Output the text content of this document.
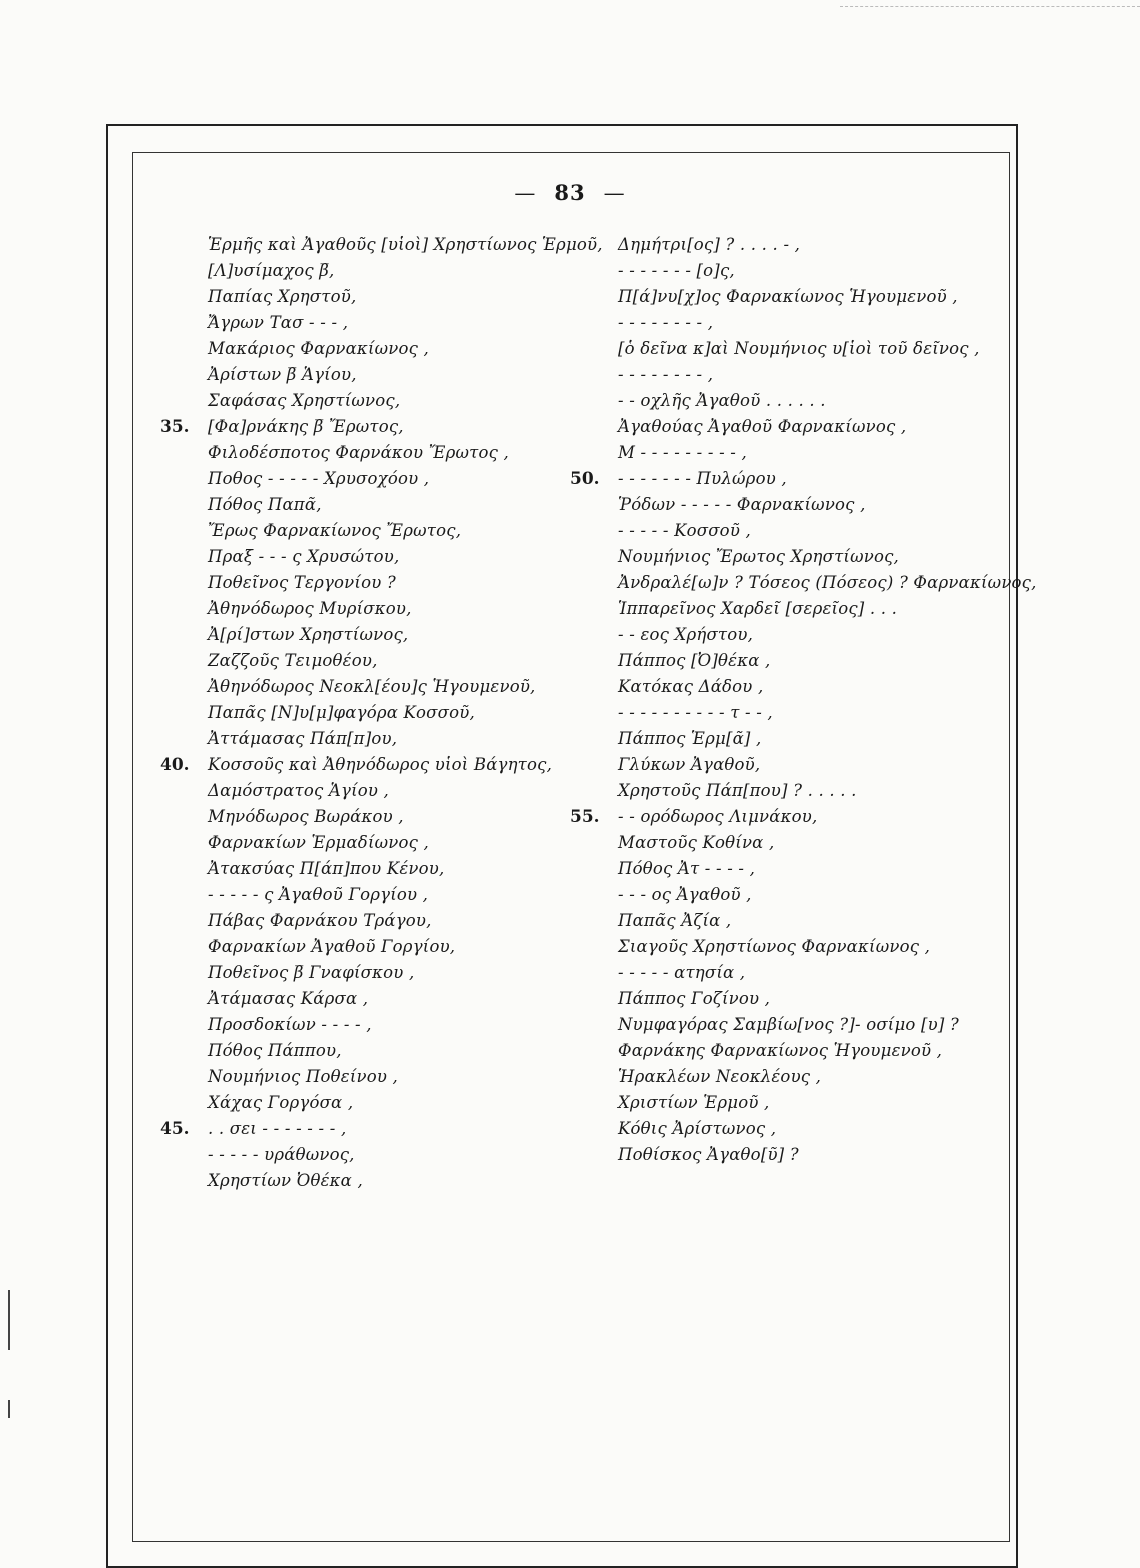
— 83 —
Ἑρμῆς καὶ Ἀγαθοῦς [υἱοὶ] Χρηστίωνος Ἑρμοῦ,
[Λ]υσίμαχος β̅,
Παπίας Χρηστοῦ,
Ἄγρων Τασ - - - ,
Μακάριος Φαρνακίωνος ,
Ἀρίστων β̅ Ἁγίου,
Σαφάσας Χρηστίωνος,
35. [Φα]ρνάκης β̅ Ἔρωτος,
Φιλοδέσποτος Φαρνάκου Ἔρωτος ,
Ποθος - - - - - Χρυσοχόου ,
Πόθος Παπᾶ,
Ἔρως Φαρνακίωνος Ἔρωτος,
Πραξ - - - ς Χρυσώτου,
Ποθεῖνος Τεργονίου ?
Ἀθηνόδωρος Μυρίσκου,
Ἀ[ρί]στων Χρηστίωνος,
Ζαζζοῦς Τειμοθέου,
Ἀθηνόδωρος Νεοκλ[έου]ς Ἡγουμενοῦ,
Παπᾶς [Ν]υ[μ]φαγόρα Κοσσοῦ,
Ἀττάμασας Πάπ[π]ου,
40. Κοσσοῦς καὶ Ἀθηνόδωρος υἱοὶ Βάγητος,
Δαμόστρατος Ἁγίου ,
Μηνόδωρος Βωράκου ,
Φαρνακίων Ἑρμαδίωνος ,
Ἀτακσύας Π[άπ]που Κένου,
- - - - - ς Ἀγαθοῦ Γοργίου ,
Πάβας Φαρνάκου Τράγου,
Φαρνακίων Ἀγαθοῦ Γοργίου,
Ποθεῖνος β̅ Γναφίσκου ,
Ἀτάμασας Κάρσα ,
Προσδοκίων - - - - ,
Πόθος Πάππου,
Νουμήνιος Ποθείνου ,
Χάχας Γοργόσα ,
45. . . σει - - - - - - - ,
- - - - - υράθωνος,
Χρηστίων Ὀθέκα ,
Δημήτρι[ος] ? . . . . - ,
- - - - - - - [ο]ς,
Π[ά]νυ[χ]ος Φαρνακίωνος Ἡγουμενοῦ ,
- - - - - - - - ,
[ὁ δεῖνα κ]αὶ Νουμήνιος υ[ἱοὶ τοῦ δεῖνος ,
- - - - - - - - ,
- - οχλῆς Ἀγαθοῦ . . . . . .
Ἀγαθούας Ἀγαθοῦ Φαρνακίωνος ,
Μ - - - - - - - - - ,
50. - - - - - - - Πυλώρου ,
Ῥόδων - - - - - Φαρνακίωνος ,
- - - - - Κοσσοῦ ,
Νουμήνιος Ἔρωτος Χρηστίωνος,
Ἀνδραλέ[ω]ν ? Τόσεος (Πόσεος) ? Φαρνακίωνος,
Ἱππαρεῖνος Χαρδεῖ [σερεῖος] . . .
- - εος Χρήστου,
Πάππος [Ὀ]θέκα ,
Κατόκας Δάδου ,
- - - - - - - - - - τ - - ,
Πάππος Ἑρμ[ᾶ] ,
Γλύκων Ἀγαθοῦ,
Χρηστοῦς Πάπ[που] ? . . . . .
55. - - ορόδωρος Λιμνάκου,
Μαστοῦς Κοθίνα ,
Πόθος Ἀτ - - - - ,
- - - ος Ἀγαθοῦ ,
Παπᾶς Ἀζία ,
Σιαγοῦς Χρηστίωνος Φαρνακίωνος ,
- - - - - ατησία ,
Πάππος Γοζίνου ,
Νυμφαγόρας Σαμβίω[νος ?]- οσίμο [υ] ?
Φαρνάκης Φαρνακίωνος Ἡγουμενοῦ ,
Ἡρακλέων Νεοκλέους ,
Χριστίων Ἑρμοῦ ,
Κόθις Ἀρίστωνος ,
Ποθίσκος Ἀγαθο[ῦ] ?
